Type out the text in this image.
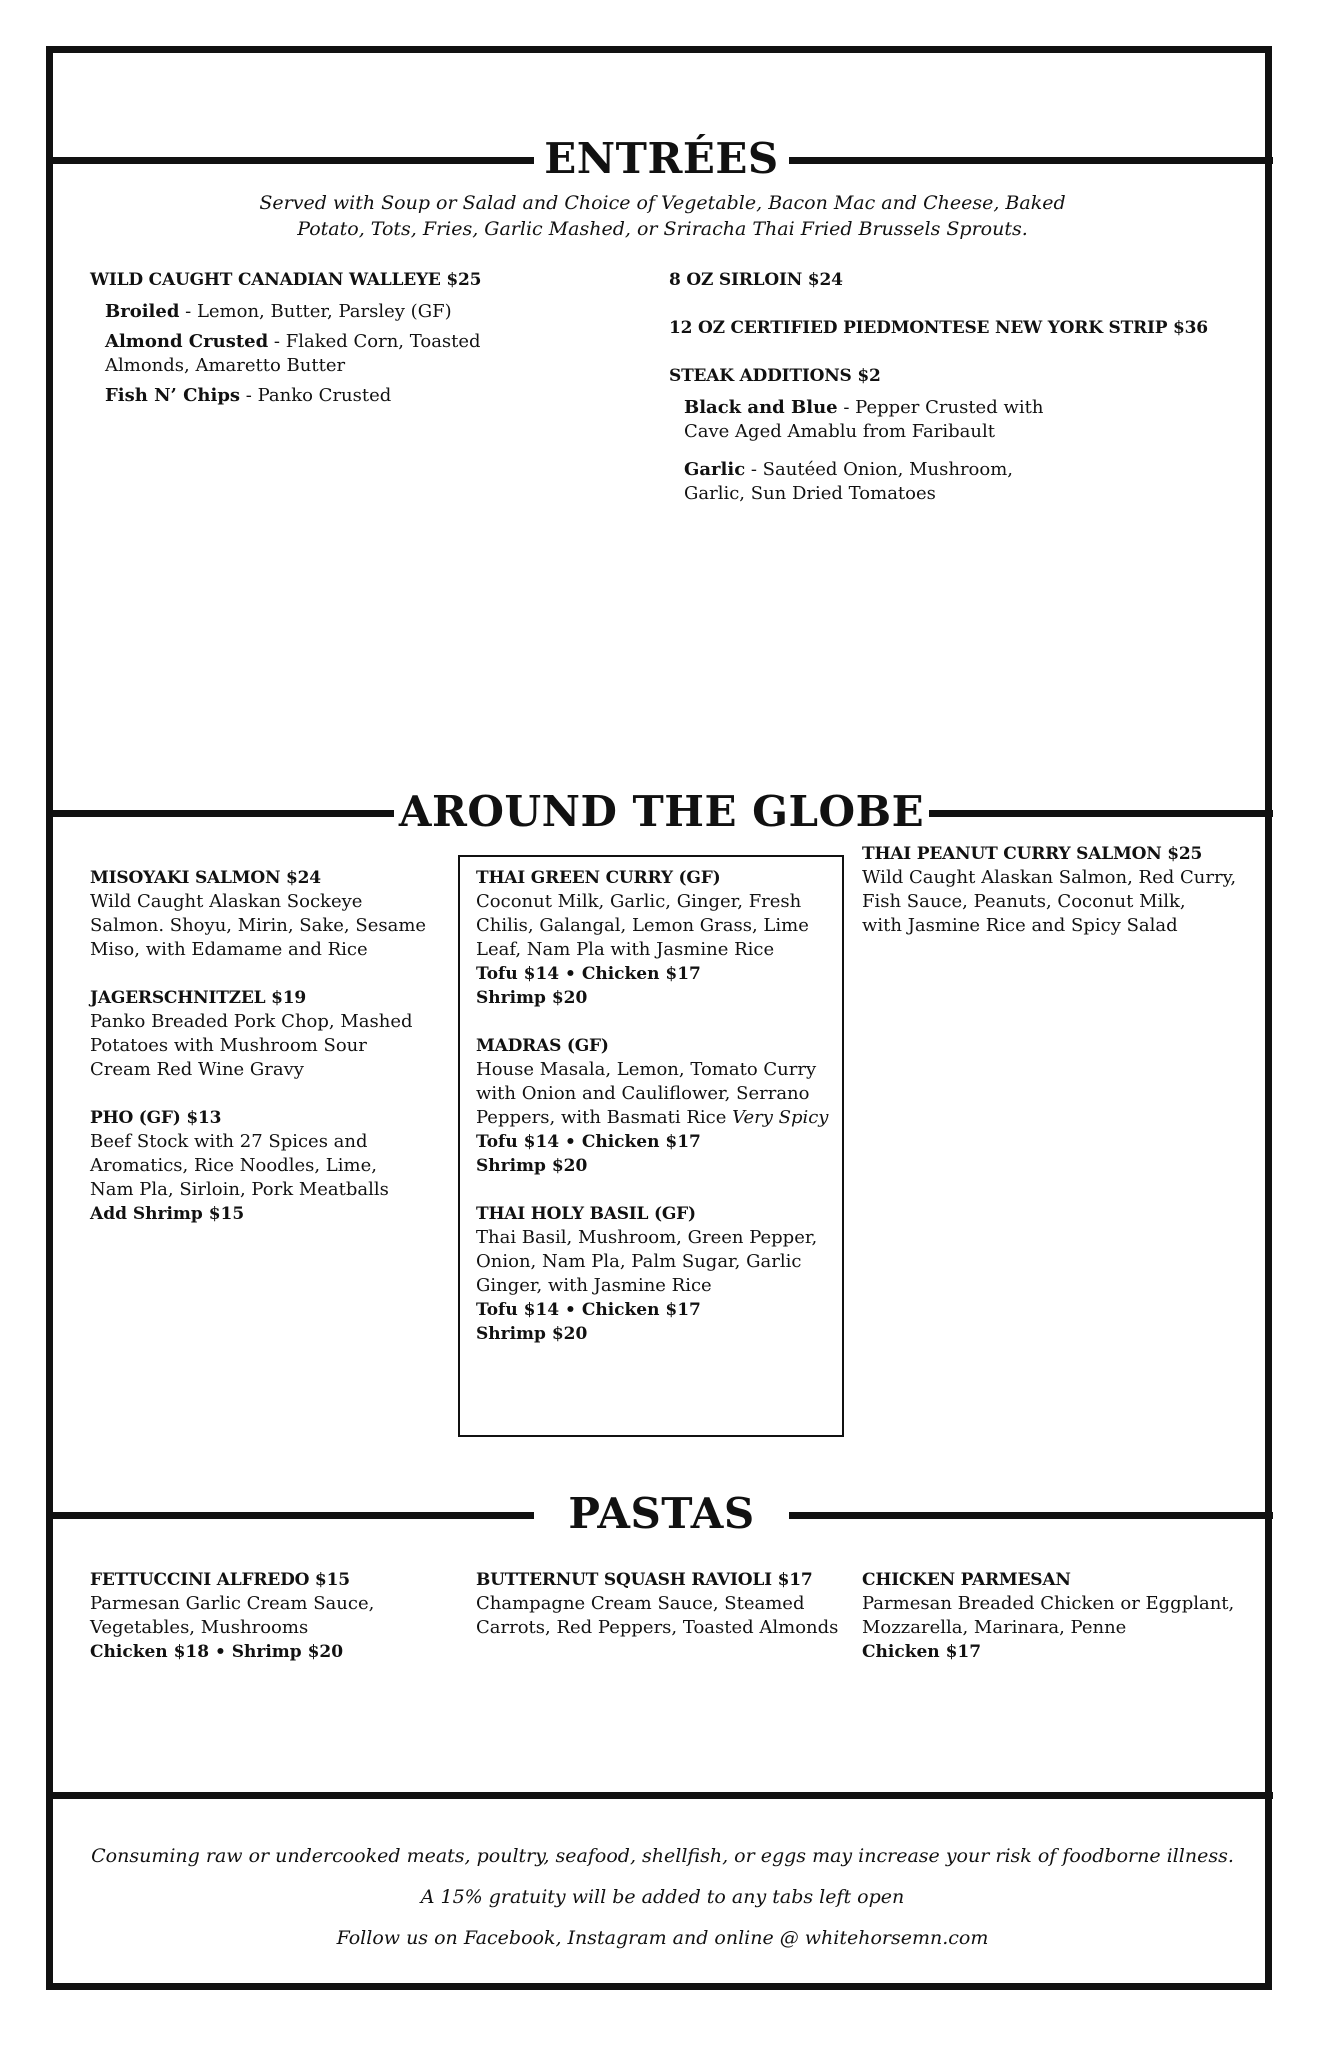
ENTRÉES
Served with Soup or Salad and Choice of Vegetable, Bacon Mac and Cheese, Baked
Potato, Tots, Fries, Garlic Mashed, or Sriracha Thai Fried Brussels Sprouts.
WILD CAUGHT CANADIAN WALLEYE $25
Broiled - Lemon, Butter, Parsley (GF)
Almond Crusted - Flaked Corn, Toasted
Almonds, Amaretto Butter
Fish N’ Chips - Panko Crusted
8 OZ SIRLOIN $24
12 OZ CERTIFIED PIEDMONTESE NEW YORK STRIP $36
STEAK ADDITIONS $2
Black and Blue - Pepper Crusted with
Cave Aged Amablu from Faribault
Garlic - Sautéed Onion, Mushroom,
Garlic, Sun Dried Tomatoes
AROUND THE GLOBE
MISOYAKI SALMON $24
Wild Caught Alaskan Sockeye
Salmon. Shoyu, Mirin, Sake, Sesame
Miso, with Edamame and Rice
JAGERSCHNITZEL $19
Panko Breaded Pork Chop, Mashed
Potatoes with Mushroom Sour
Cream Red Wine Gravy
PHO (GF) $13
Beef Stock with 27 Spices and
Aromatics, Rice Noodles, Lime,
Nam Pla, Sirloin, Pork Meatballs
Add Shrimp $15
THAI GREEN CURRY (GF)
Coconut Milk, Garlic, Ginger, Fresh
Chilis, Galangal, Lemon Grass, Lime
Leaf, Nam Pla with Jasmine Rice
Tofu $14 • Chicken $17
Shrimp $20
MADRAS (GF)
House Masala, Lemon, Tomato Curry
with Onion and Cauliflower, Serrano
Peppers, with Basmati Rice Very Spicy
Tofu $14 • Chicken $17
Shrimp $20
THAI HOLY BASIL (GF)
Thai Basil, Mushroom, Green Pepper,
Onion, Nam Pla, Palm Sugar, Garlic
Ginger, with Jasmine Rice
Tofu $14 • Chicken $17
Shrimp $20
THAI PEANUT CURRY SALMON $25
Wild Caught Alaskan Salmon, Red Curry,
Fish Sauce, Peanuts, Coconut Milk,
with Jasmine Rice and Spicy Salad
PASTAS
FETTUCCINI ALFREDO $15
Parmesan Garlic Cream Sauce,
Vegetables, Mushrooms
Chicken $18 • Shrimp $20
BUTTERNUT SQUASH RAVIOLI $17
Champagne Cream Sauce, Steamed
Carrots, Red Peppers, Toasted Almonds
CHICKEN PARMESAN
Parmesan Breaded Chicken or Eggplant,
Mozzarella, Marinara, Penne
Chicken $17
Consuming raw or undercooked meats, poultry, seafood, shellfish, or eggs may increase your risk of foodborne illness.
A 15% gratuity will be added to any tabs left open
Follow us on Facebook, Instagram and online @ whitehorsemn.com
